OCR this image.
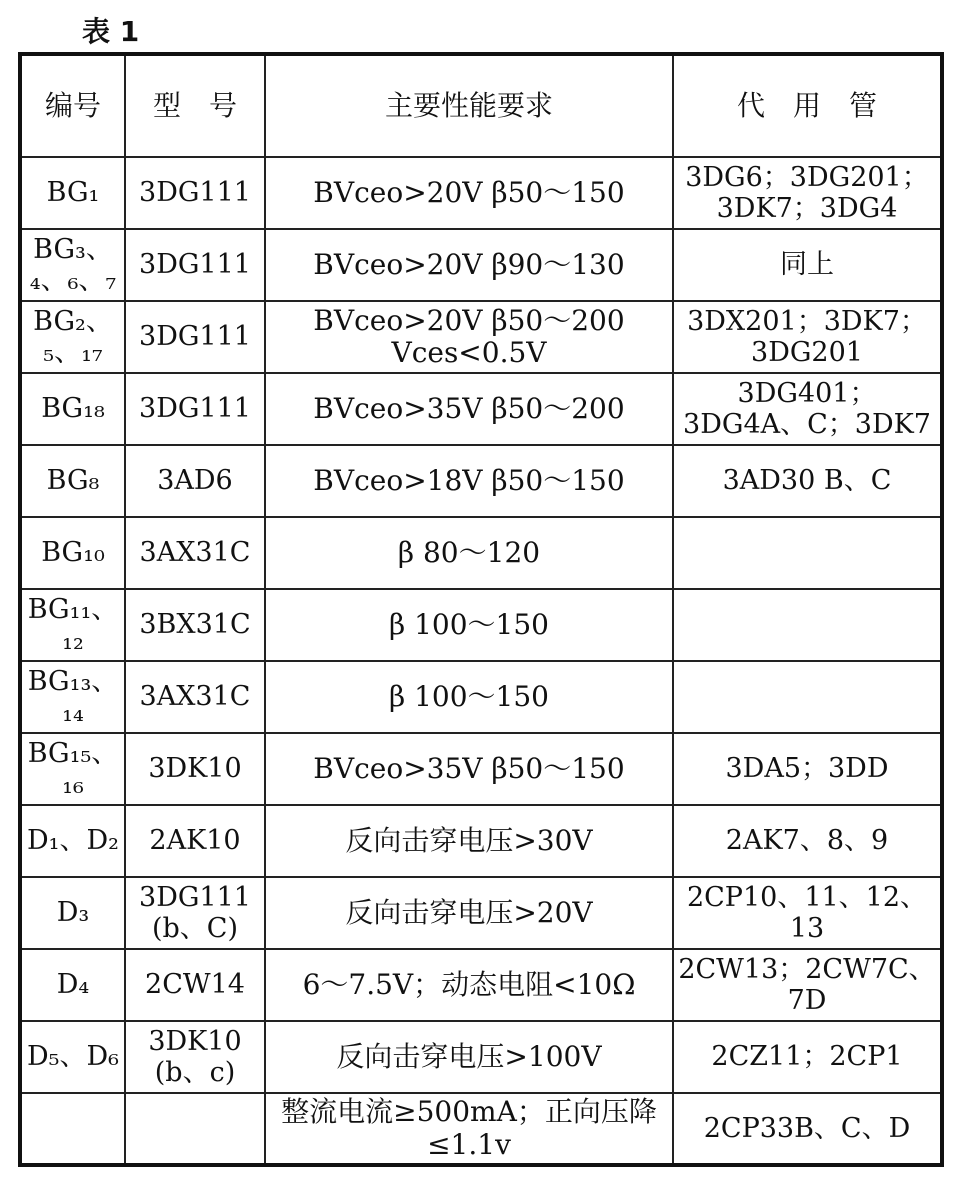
表 1
编号	型　号	主要性能要求	代　用　管
BG₁	3DG111	BVceo>20V β50～150	3DG6；3DG201；3DK7；3DG4
BG₃、₄、₆、₇	3DG111	BVceo>20V β90～130	同上
BG₂、₅、₁₇	3DG111	BVceo>20V β50～200 Vces<0.5V	3DX201；3DK7；3DG201
BG₁₈	3DG111	BVceo>35V β50～200	3DG401；3DG4A、C；3DK7
BG₈	3AD6	BVceo>18V β50～150	3AD30 B、C
BG₁₀	3AX31C	β 80～120	
BG₁₁、₁₂	3BX31C	β 100～150	
BG₁₃、₁₄	3AX31C	β 100～150	
BG₁₅、₁₆	3DK10	BVceo>35V β50～150	3DA5；3DD
D₁、D₂	2AK10	反向击穿电压>30V	2AK7、8、9
D₃	3DG111 (b、C)	反向击穿电压>20V	2CP10、11、12、13
D₄	2CW14	6～7.5V；动态电阻<10Ω	2CW13；2CW7C、7D
D₅、D₆	3DK10 (b、c)	反向击穿电压>100V	2CZ11；2CP1
		整流电流≥500mA；正向压降≤1.1v	2CP33B、C、D
